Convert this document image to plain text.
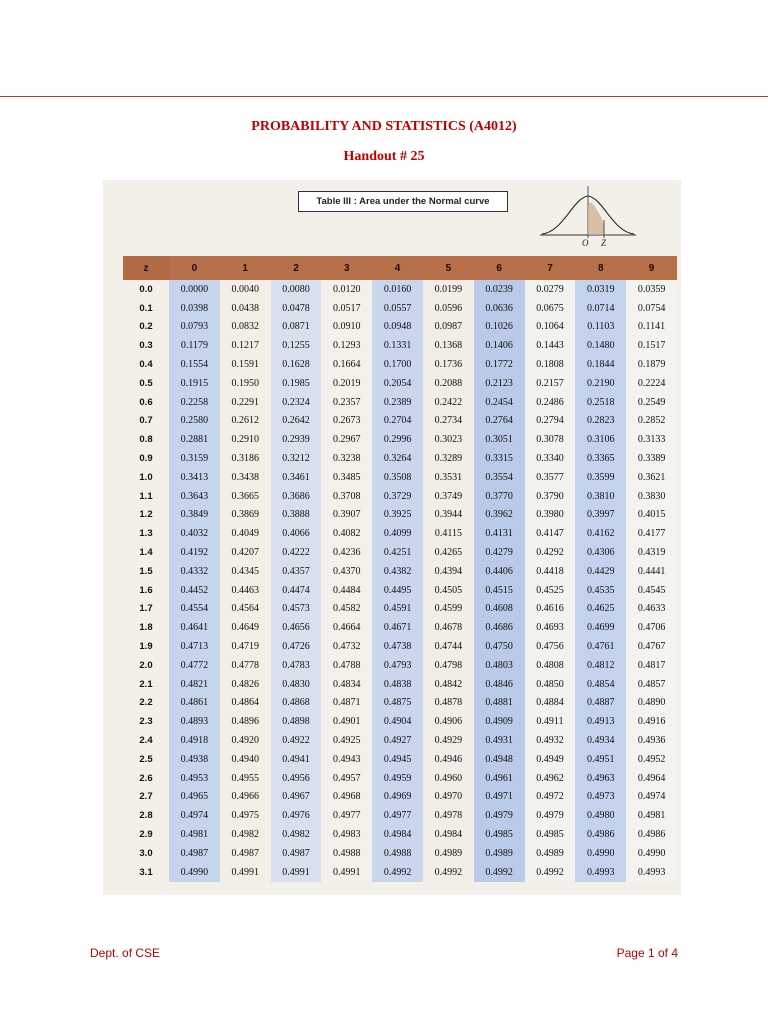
PROBABILITY AND STATISTICS (A4012)
Handout # 25
Table III : Area under the Normal curve
O Z
z	0	1	2	3	4	5	6	7	8	9
0.0	0.0000	0.0040	0.0080	0.0120	0.0160	0.0199	0.0239	0.0279	0.0319	0.0359
0.1	0.0398	0.0438	0.0478	0.0517	0.0557	0.0596	0.0636	0.0675	0.0714	0.0754
0.2	0.0793	0.0832	0.0871	0.0910	0.0948	0.0987	0.1026	0.1064	0.1103	0.1141
0.3	0.1179	0.1217	0.1255	0.1293	0.1331	0.1368	0.1406	0.1443	0.1480	0.1517
0.4	0.1554	0.1591	0.1628	0.1664	0.1700	0.1736	0.1772	0.1808	0.1844	0.1879
0.5	0.1915	0.1950	0.1985	0.2019	0.2054	0.2088	0.2123	0.2157	0.2190	0.2224
0.6	0.2258	0.2291	0.2324	0.2357	0.2389	0.2422	0.2454	0.2486	0.2518	0.2549
0.7	0.2580	0.2612	0.2642	0.2673	0.2704	0.2734	0.2764	0.2794	0.2823	0.2852
0.8	0.2881	0.2910	0.2939	0.2967	0.2996	0.3023	0.3051	0.3078	0.3106	0.3133
0.9	0.3159	0.3186	0.3212	0.3238	0.3264	0.3289	0.3315	0.3340	0.3365	0.3389
1.0	0.3413	0.3438	0.3461	0.3485	0.3508	0.3531	0.3554	0.3577	0.3599	0.3621
1.1	0.3643	0.3665	0.3686	0.3708	0.3729	0.3749	0.3770	0.3790	0.3810	0.3830
1.2	0.3849	0.3869	0.3888	0.3907	0.3925	0.3944	0.3962	0.3980	0.3997	0.4015
1.3	0.4032	0.4049	0.4066	0.4082	0.4099	0.4115	0.4131	0.4147	0.4162	0.4177
1.4	0.4192	0.4207	0.4222	0.4236	0.4251	0.4265	0.4279	0.4292	0.4306	0.4319
1.5	0.4332	0.4345	0.4357	0.4370	0.4382	0.4394	0.4406	0.4418	0.4429	0.4441
1.6	0.4452	0.4463	0.4474	0.4484	0.4495	0.4505	0.4515	0.4525	0.4535	0.4545
1.7	0.4554	0.4564	0.4573	0.4582	0.4591	0.4599	0.4608	0.4616	0.4625	0.4633
1.8	0.4641	0.4649	0.4656	0.4664	0.4671	0.4678	0.4686	0.4693	0.4699	0.4706
1.9	0.4713	0.4719	0.4726	0.4732	0.4738	0.4744	0.4750	0.4756	0.4761	0.4767
2.0	0.4772	0.4778	0.4783	0.4788	0.4793	0.4798	0.4803	0.4808	0.4812	0.4817
2.1	0.4821	0.4826	0.4830	0.4834	0.4838	0.4842	0.4846	0.4850	0.4854	0.4857
2.2	0.4861	0.4864	0.4868	0.4871	0.4875	0.4878	0.4881	0.4884	0.4887	0.4890
2.3	0.4893	0.4896	0.4898	0.4901	0.4904	0.4906	0.4909	0.4911	0.4913	0.4916
2.4	0.4918	0.4920	0.4922	0.4925	0.4927	0.4929	0.4931	0.4932	0.4934	0.4936
2.5	0.4938	0.4940	0.4941	0.4943	0.4945	0.4946	0.4948	0.4949	0.4951	0.4952
2.6	0.4953	0.4955	0.4956	0.4957	0.4959	0.4960	0.4961	0.4962	0.4963	0.4964
2.7	0.4965	0.4966	0.4967	0.4968	0.4969	0.4970	0.4971	0.4972	0.4973	0.4974
2.8	0.4974	0.4975	0.4976	0.4977	0.4977	0.4978	0.4979	0.4979	0.4980	0.4981
2.9	0.4981	0.4982	0.4982	0.4983	0.4984	0.4984	0.4985	0.4985	0.4986	0.4986
3.0	0.4987	0.4987	0.4987	0.4988	0.4988	0.4989	0.4989	0.4989	0.4990	0.4990
3.1	0.4990	0.4991	0.4991	0.4991	0.4992	0.4992	0.4992	0.4992	0.4993	0.4993
Dept. of CSE	Page 1 of 4
